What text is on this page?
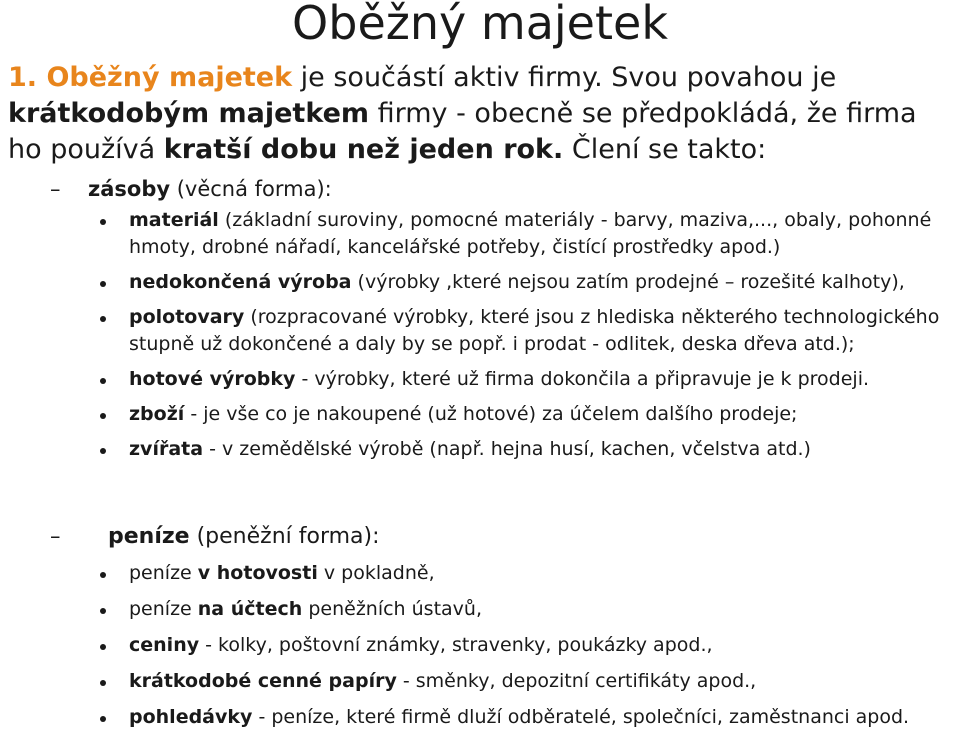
Oběžný majetek

1. Oběžný majetek je součástí aktiv firmy. Svou povahou je krátkodobým majetkem firmy - obecně se předpokládá, že firma ho používá kratší dobu než jeden rok. Člení se takto:

–	zásoby (věcná forma):

materiál (základní suroviny, pomocné materiály - barvy, maziva,..., obaly, pohonné hmoty, drobné nářadí, kancelářské potřeby, čistící prostředky apod.)
nedokončená výroba (výrobky ,které nejsou zatím prodejné – rozešité kalhoty),
polotovary (rozpracované výrobky, které jsou z hlediska některého technologického stupně už dokončené a daly by se popř. i prodat - odlitek, deska dřeva atd.);
hotové výrobky - výrobky, které už firma dokončila a připravuje je k prodeji.
zboží - je vše co je nakoupené (už hotové) za účelem dalšího prodeje;
zvířata - v zemědělské výrobě (např. hejna husí, kachen, včelstva atd.)

–	peníze (peněžní forma):

peníze v hotovosti v pokladně,
peníze na účtech peněžních ústavů,
ceniny - kolky, poštovní známky, stravenky, poukázky apod.,
krátkodobé cenné papíry - směnky, depozitní certifikáty apod.,
pohledávky - peníze, které firmě dluží odběratelé, společníci, zaměstnanci apod.
